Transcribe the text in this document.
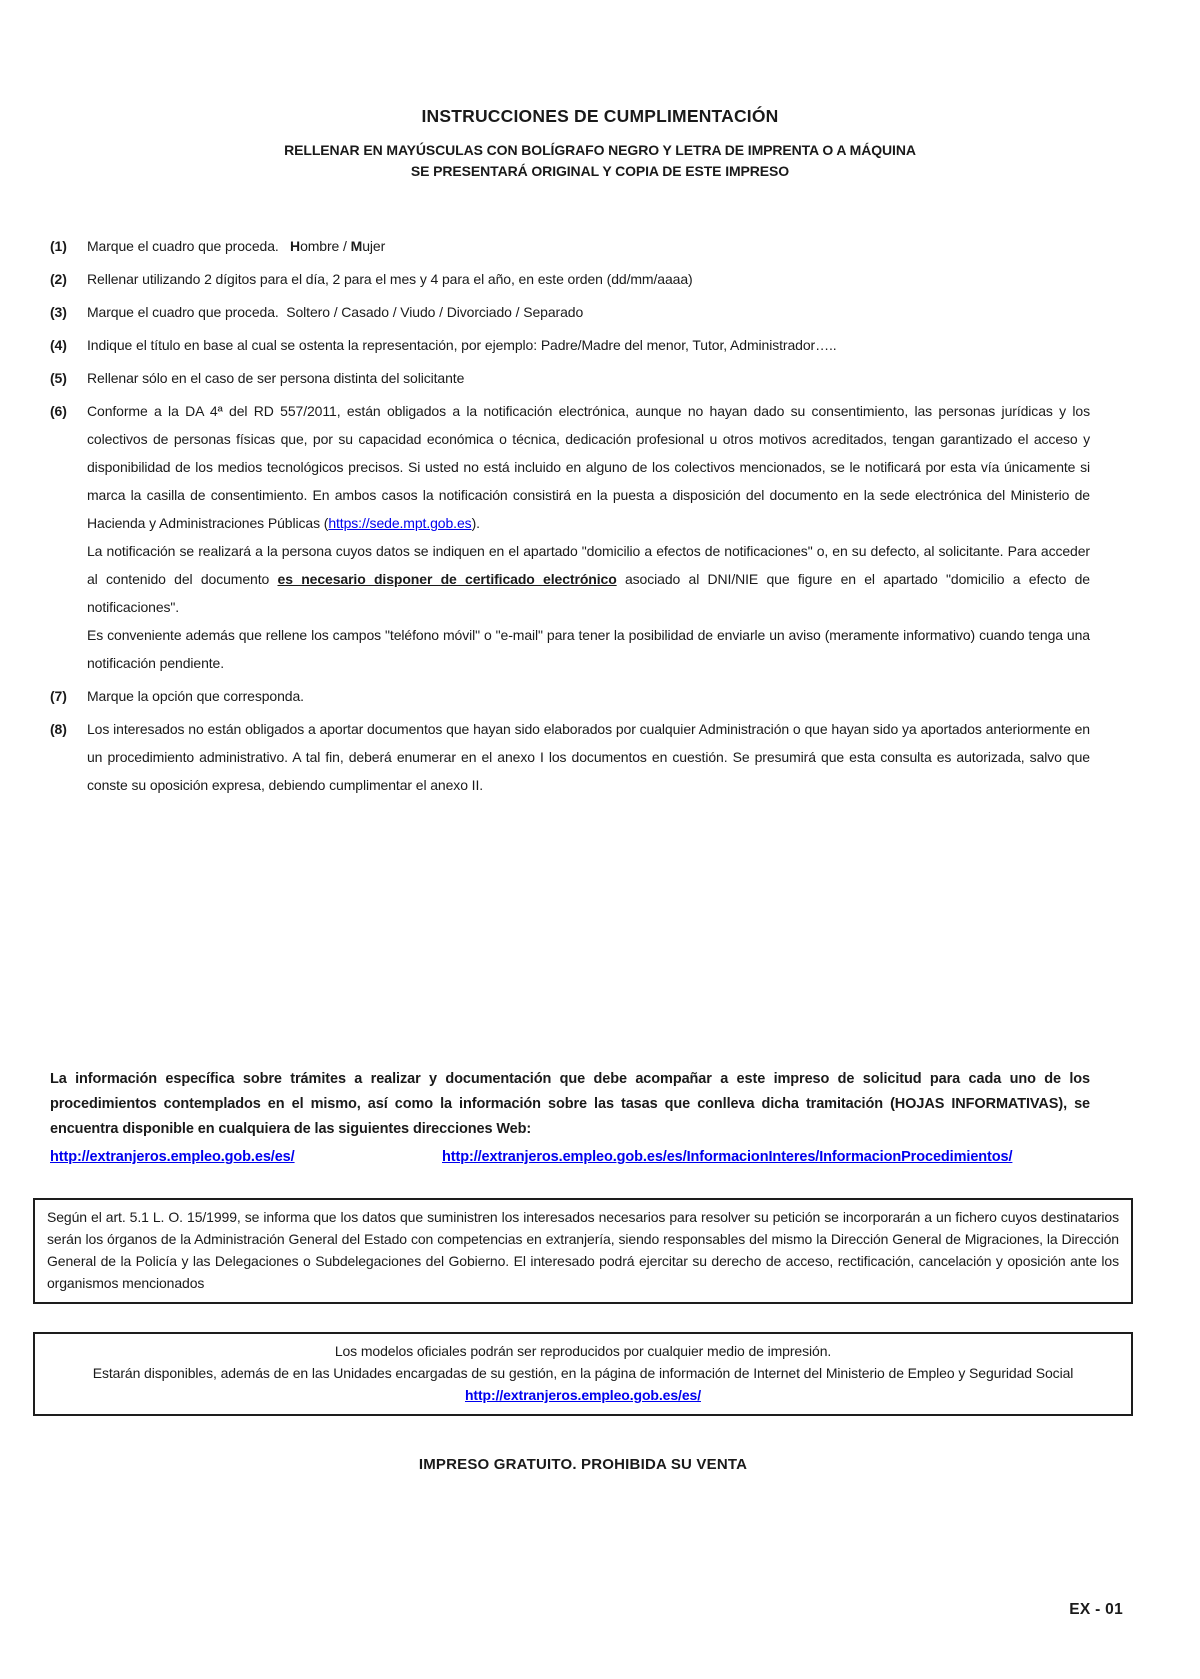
INSTRUCCIONES DE CUMPLIMENTACIÓN
RELLENAR EN MAYÚSCULAS CON BOLÍGRAFO NEGRO Y LETRA DE IMPRENTA O A MÁQUINA
SE PRESENTARÁ ORIGINAL Y COPIA DE ESTE IMPRESO
(1)	Marque el cuadro que proceda.   Hombre / Mujer

(2)	Rellenar utilizando 2 dígitos para el día, 2 para el mes y 4 para el año, en este orden (dd/mm/aaaa)

(3)	Marque el cuadro que proceda.  Soltero / Casado / Viudo / Divorciado / Separado

(4)	Indique el título en base al cual se ostenta la representación, por ejemplo: Padre/Madre del menor, Tutor, Administrador…..

(5)	Rellenar sólo en el caso de ser persona distinta del solicitante

(6)	Conforme a la DA 4ª del RD 557/2011, están obligados a la notificación electrónica, aunque no hayan dado su consentimiento, las personas jurídicas y los colectivos de personas físicas que, por su capacidad económica o técnica, dedicación profesional u otros motivos acreditados, tengan garantizado el acceso y disponibilidad de los medios tecnológicos precisos. Si usted no está incluido en alguno de los colectivos mencionados, se le notificará por esta vía únicamente si marca la casilla de consentimiento. En ambos casos la notificación consistirá en la puesta a disposición del documento en la sede electrónica del Ministerio de Hacienda y Administraciones Públicas (https://sede.mpt.gob.es).

La notificación se realizará a la persona cuyos datos se indiquen en el apartado "domicilio a efectos de notificaciones" o, en su defecto, al solicitante. Para acceder al contenido del documento es necesario disponer de certificado electrónico asociado al DNI/NIE que figure en el apartado "domicilio a efecto de notificaciones".

Es conveniente además que rellene los campos "teléfono móvil" o "e-mail" para tener la posibilidad de enviarle un aviso (meramente informativo) cuando tenga una notificación pendiente.

(7)	Marque la opción que corresponda.

(8)	Los interesados no están obligados a aportar documentos que hayan sido elaborados por cualquier Administración o que hayan sido ya aportados anteriormente en un procedimiento administrativo. A tal fin, deberá enumerar en el anexo I los documentos en cuestión. Se presumirá que esta consulta es autorizada, salvo que conste su oposición expresa, debiendo cumplimentar el anexo II.

La información específica sobre trámites a realizar y documentación que debe acompañar a este impreso de solicitud para cada uno de los procedimientos contemplados en el mismo, así como la información sobre las tasas que conlleva dicha tramitación (HOJAS INFORMATIVAS), se encuentra disponible en cualquiera de las siguientes direcciones Web:

http://extranjeros.empleo.gob.es/es/	http://extranjeros.empleo.gob.es/es/InformacionInteres/InformacionProcedimientos/

Según el art. 5.1 L. O. 15/1999, se informa que los datos que suministren los interesados necesarios para resolver su petición se incorporarán a un fichero cuyos destinatarios serán los órganos de la Administración General del Estado con competencias en extranjería, siendo responsables del mismo la Dirección General de Migraciones, la Dirección General de la Policía y las Delegaciones o Subdelegaciones del Gobierno. El interesado podrá ejercitar su derecho de acceso, rectificación, cancelación y oposición ante los organismos mencionados

Los modelos oficiales podrán ser reproducidos por cualquier medio de impresión.

Estarán disponibles, además de en las Unidades encargadas de su gestión, en la página de información de Internet del Ministerio de Empleo y Seguridad Social

http://extranjeros.empleo.gob.es/es/

IMPRESO GRATUITO. PROHIBIDA SU VENTA

EX - 01
